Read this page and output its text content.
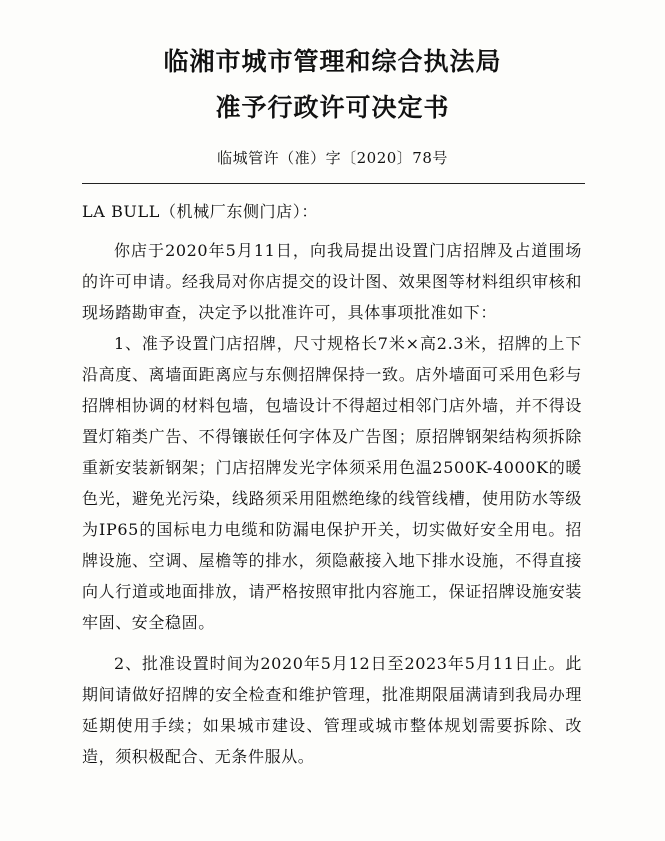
临湘市城市管理和综合执法局
准予行政许可决定书
临城管许（准）字〔2020〕78号

LA BULL（机械厂东侧门店）：

你店于2020年5月11日，向我局提出设置门店招牌及占道围场的许可申请。经我局对你店提交的设计图、效果图等材料组织审核和现场踏勘审查，决定予以批准许可，具体事项批准如下：

1、准予设置门店招牌，尺寸规格长7米×高2.3米，招牌的上下沿高度、离墙面距离应与东侧招牌保持一致。店外墙面可采用色彩与招牌相协调的材料包墙，包墙设计不得超过相邻门店外墙，并不得设置灯箱类广告、不得镶嵌任何字体及广告图；原招牌钢架结构须拆除重新安装新钢架；门店招牌发光字体须采用色温2500K-4000K的暖色光，避免光污染，线路须采用阻燃绝缘的线管线槽，使用防水等级为IP65的国标电力电缆和防漏电保护开关，切实做好安全用电。招牌设施、空调、屋檐等的排水，须隐蔽接入地下排水设施，不得直接向人行道或地面排放，请严格按照审批内容施工，保证招牌设施安装牢固、安全稳固。

2、批准设置时间为2020年5月12日至2023年5月11日止。此期间请做好招牌的安全检查和维护管理，批准期限届满请到我局办理延期使用手续；如果城市建设、管理或城市整体规划需要拆除、改造，须积极配合、无条件服从。
